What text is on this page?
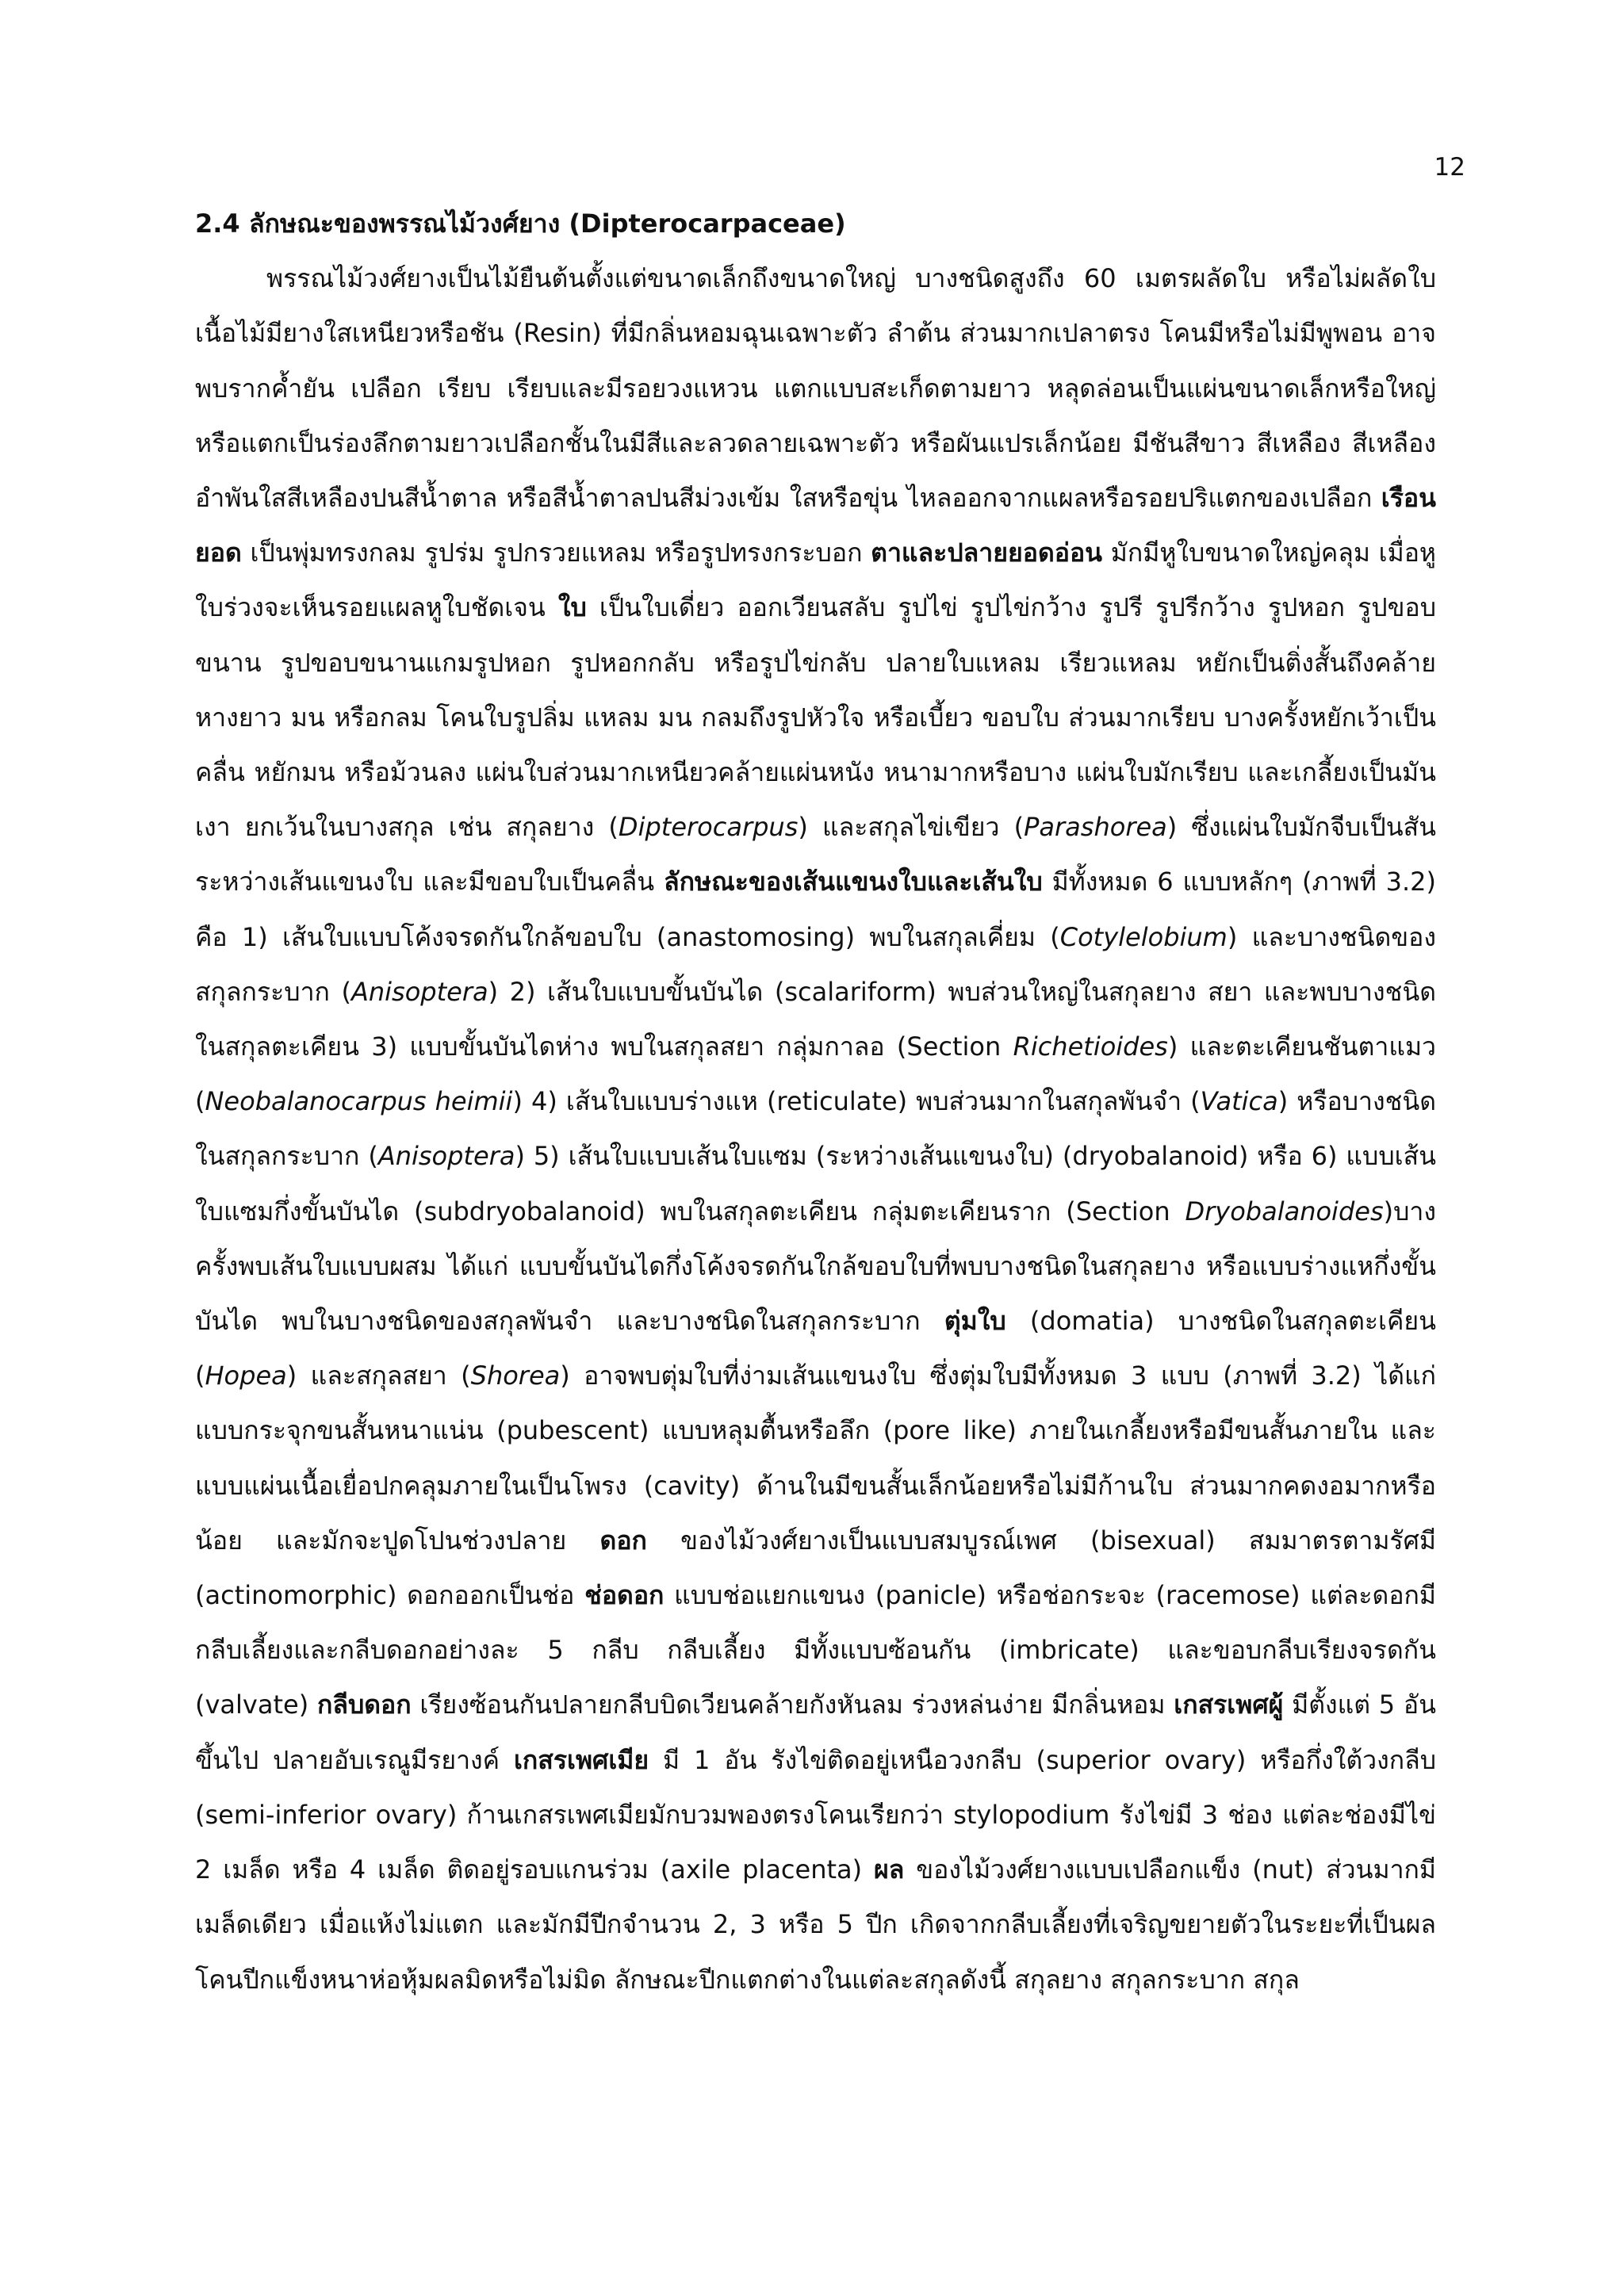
12

2.4 ลักษณะของพรรณไม้วงศ์ยาง (Dipterocarpaceae)

พรรณไม้วงศ์ยางเป็นไม้ยืนต้นตั้งแต่ขนาดเล็กถึงขนาดใหญ่ บางชนิดสูงถึง 60 เมตรผลัดใบ หรือไม่ผลัดใบ เนื้อไม้มียางใสเหนียวหรือชัน (Resin) ที่มีกลิ่นหอมฉุนเฉพาะตัว ลำต้น ส่วนมากเปลาตรง โคนมีหรือไม่มีพูพอน อาจพบรากค้ำยัน เปลือก เรียบ เรียบและมีรอยวงแหวน แตกแบบสะเก็ดตามยาว หลุดล่อนเป็นแผ่นขนาดเล็กหรือใหญ่ หรือแตกเป็นร่องลึกตามยาวเปลือกชั้นในมีสีและลวดลายเฉพาะตัว หรือผันแปรเล็กน้อย มีชันสีขาว สีเหลือง สีเหลืองอำพันใสสีเหลืองปนสีน้ำตาล หรือสีน้ำตาลปนสีม่วงเข้ม ใสหรือขุ่น ไหลออกจากแผลหรือรอยปริแตกของเปลือก เรือนยอด เป็นพุ่มทรงกลม รูปร่ม รูปกรวยแหลม หรือรูปทรงกระบอก ตาและปลายยอดอ่อน มักมีหูใบขนาดใหญ่คลุม เมื่อหูใบร่วงจะเห็นรอยแผลหูใบชัดเจน ใบ เป็นใบเดี่ยว ออกเวียนสลับ รูปไข่ รูปไข่กว้าง รูปรี รูปรีกว้าง รูปหอก รูปขอบขนาน รูปขอบขนานแกมรูปหอก รูปหอกกลับ หรือรูปไข่กลับ ปลายใบแหลม เรียวแหลม หยักเป็นติ่งสั้นถึงคล้ายหางยาว มน หรือกลม โคนใบรูปลิ่ม แหลม มน กลมถึงรูปหัวใจ หรือเบี้ยว ขอบใบ ส่วนมากเรียบ บางครั้งหยักเว้าเป็นคลื่น หยักมน หรือม้วนลง แผ่นใบส่วนมากเหนียวคล้ายแผ่นหนัง หนามากหรือบาง แผ่นใบมักเรียบ และเกลี้ยงเป็นมันเงา ยกเว้นในบางสกุล เช่น สกุลยาง (Dipterocarpus) และสกุลไข่เขียว (Parashorea) ซึ่งแผ่นใบมักจีบเป็นสันระหว่างเส้นแขนงใบ และมีขอบใบเป็นคลื่น ลักษณะของเส้นแขนงใบและเส้นใบ มีทั้งหมด 6 แบบหลักๆ (ภาพที่ 3.2) คือ 1) เส้นใบแบบโค้งจรดกันใกล้ขอบใบ (anastomosing) พบในสกุลเคี่ยม (Cotylelobium) และบางชนิดของสกุลกระบาก (Anisoptera) 2) เส้นใบแบบขั้นบันได (scalariform) พบส่วนใหญ่ในสกุลยาง สยา และพบบางชนิดในสกุลตะเคียน 3) แบบขั้นบันไดห่าง พบในสกุลสยา กลุ่มกาลอ (Section Richetioides) และตะเคียนชันตาแมว (Neobalanocarpus heimii) 4) เส้นใบแบบร่างแห (reticulate) พบส่วนมากในสกุลพันจำ (Vatica) หรือบางชนิดในสกุลกระบาก (Anisoptera) 5) เส้นใบแบบเส้นใบแซม (ระหว่างเส้นแขนงใบ) (dryobalanoid) หรือ 6) แบบเส้นใบแซมกึ่งขั้นบันได (subdryobalanoid) พบในสกุลตะเคียน กลุ่มตะเคียนราก (Section Dryobalanoides)บางครั้งพบเส้นใบแบบผสม ได้แก่ แบบขั้นบันไดกึ่งโค้งจรดกันใกล้ขอบใบที่พบบางชนิดในสกุลยาง หรือแบบร่างแหกึ่งขั้นบันได พบในบางชนิดของสกุลพันจำ และบางชนิดในสกุลกระบาก ตุ่มใบ (domatia) บางชนิดในสกุลตะเคียน (Hopea) และสกุลสยา (Shorea) อาจพบตุ่มใบที่ง่ามเส้นแขนงใบ ซึ่งตุ่มใบมีทั้งหมด 3 แบบ (ภาพที่ 3.2) ได้แก่ แบบกระจุกขนสั้นหนาแน่น (pubescent) แบบหลุมตื้นหรือลึก (pore like) ภายในเกลี้ยงหรือมีขนสั้นภายใน และแบบแผ่นเนื้อเยื่อปกคลุมภายในเป็นโพรง (cavity) ด้านในมีขนสั้นเล็กน้อยหรือไม่มีก้านใบ ส่วนมากคดงอมากหรือน้อย และมักจะปูดโปนช่วงปลาย ดอก ของไม้วงศ์ยางเป็นแบบสมบูรณ์เพศ (bisexual) สมมาตรตามรัศมี (actinomorphic) ดอกออกเป็นช่อ ช่อดอก แบบช่อแยกแขนง (panicle) หรือช่อกระจะ (racemose) แต่ละดอกมีกลีบเลี้ยงและกลีบดอกอย่างละ 5 กลีบ กลีบเลี้ยง มีทั้งแบบซ้อนกัน (imbricate) และขอบกลีบเรียงจรดกัน (valvate) กลีบดอก เรียงซ้อนกันปลายกลีบบิดเวียนคล้ายกังหันลม ร่วงหล่นง่าย มีกลิ่นหอม เกสรเพศผู้ มีตั้งแต่ 5 อันขึ้นไป ปลายอับเรณูมีรยางค์ เกสรเพศเมีย มี 1 อัน รังไข่ติดอยู่เหนือวงกลีบ (superior ovary) หรือกึ่งใต้วงกลีบ (semi-inferior ovary) ก้านเกสรเพศเมียมักบวมพองตรงโคนเรียกว่า stylopodium รังไข่มี 3 ช่อง แต่ละช่องมีไข่ 2 เมล็ด หรือ 4 เมล็ด ติดอยู่รอบแกนร่วม (axile placenta) ผล ของไม้วงศ์ยางแบบเปลือกแข็ง (nut) ส่วนมากมีเมล็ดเดียว เมื่อแห้งไม่แตก และมักมีปีกจำนวน 2, 3 หรือ 5 ปีก เกิดจากกลีบเลี้ยงที่เจริญขยายตัวในระยะที่เป็นผล โคนปีกแข็งหนาห่อหุ้มผลมิดหรือไม่มิด ลักษณะปีกแตกต่างในแต่ละสกุลดังนี้ สกุลยาง สกุลกระบาก สกุล
